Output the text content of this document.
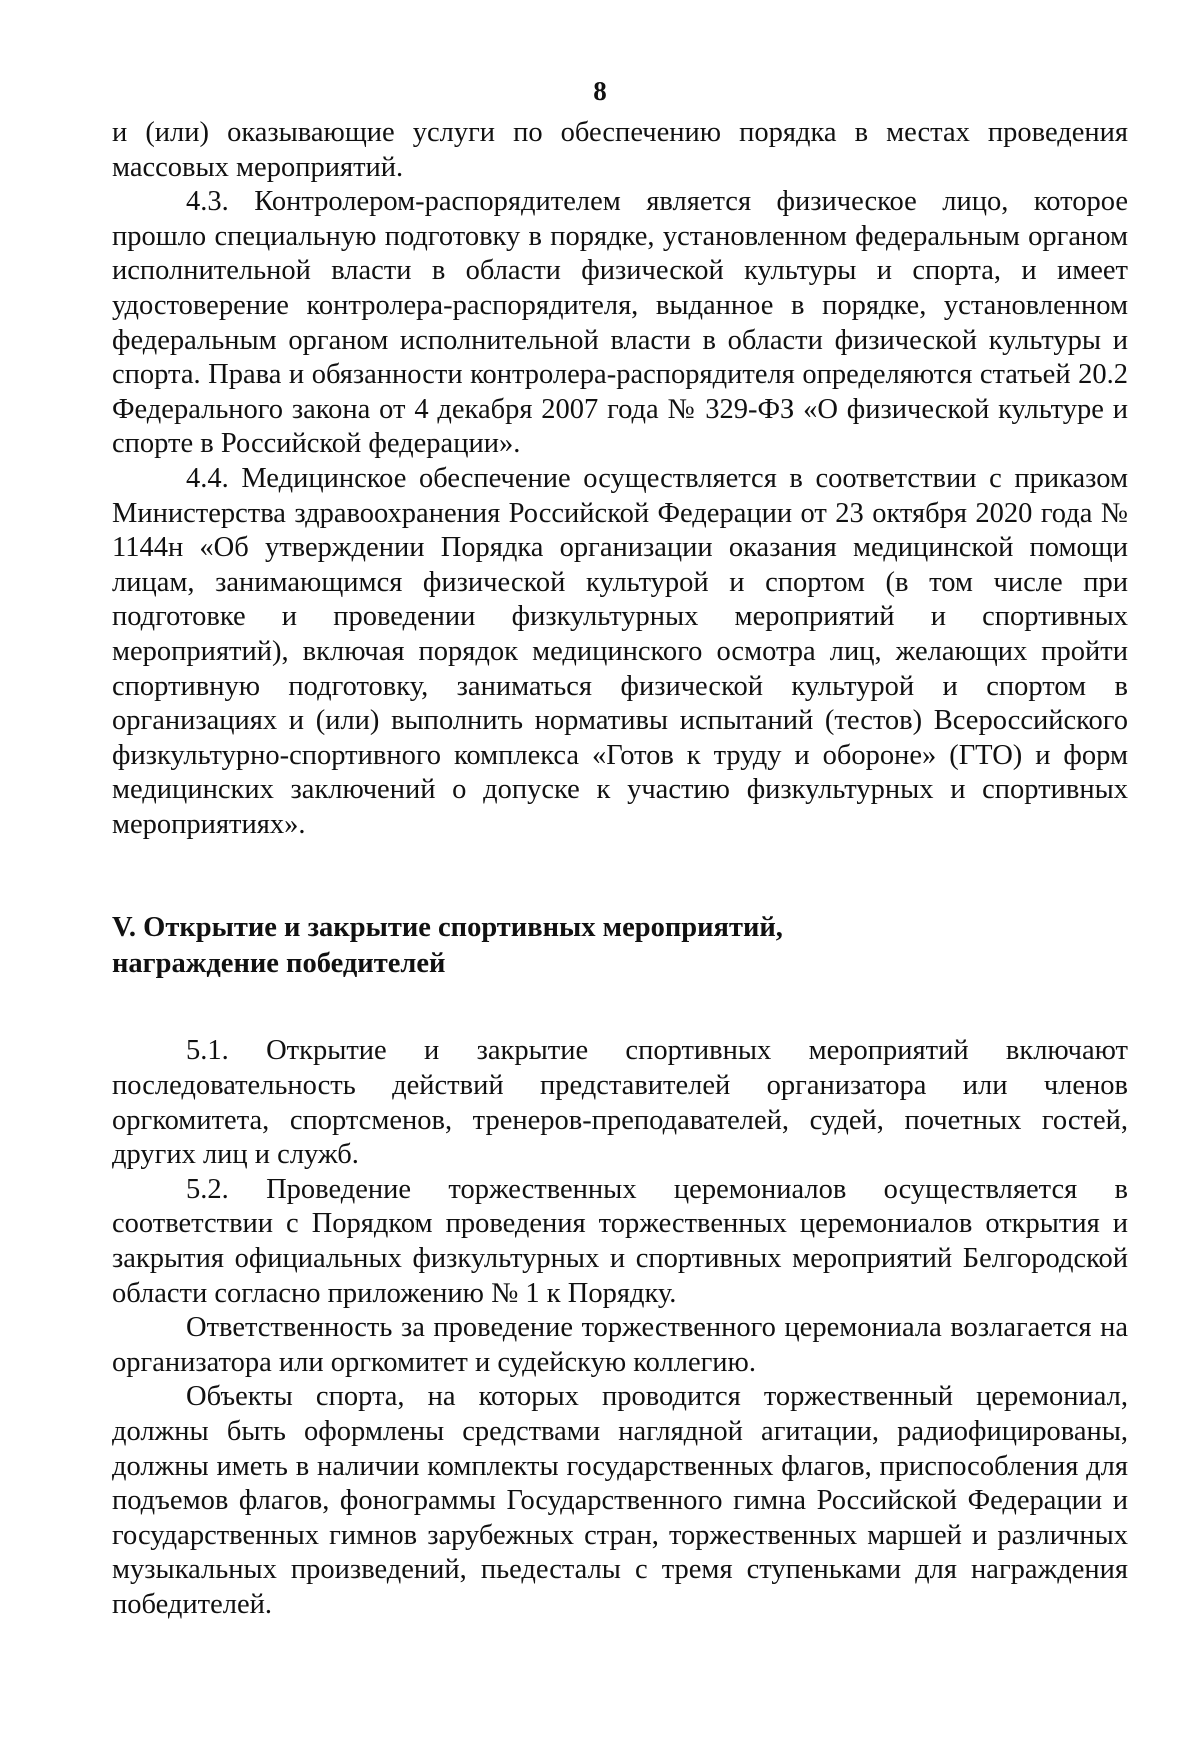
8

и (или) оказывающие услуги по обеспечению порядка в местах проведения массовых мероприятий.

4.3. Контролером-распорядителем является физическое лицо, которое прошло специальную подготовку в порядке, установленном федеральным органом исполнительной власти в области физической культуры и спорта, и имеет удостоверение контролера-распорядителя, выданное в порядке, установленном федеральным органом исполнительной власти в области физической культуры и спорта. Права и обязанности контролера-распорядителя определяются статьей 20.2 Федерального закона от 4 декабря 2007 года № 329-ФЗ «О физической культуре и спорте в Российской федерации».

4.4. Медицинское обеспечение осуществляется в соответствии с приказом Министерства здравоохранения Российской Федерации от 23 октября 2020 года № 1144н «Об утверждении Порядка организации оказания медицинской помощи лицам, занимающимся физической культурой и спортом (в том числе при подготовке и проведении физкультурных мероприятий и спортивных мероприятий), включая порядок медицинского осмотра лиц, желающих пройти спортивную подготовку, заниматься физической культурой и спортом в организациях и (или) выполнить нормативы испытаний (тестов) Всероссийского физкультурно-спортивного комплекса «Готов к труду и обороне» (ГТО) и форм медицинских заключений о допуске к участию физкультурных и спортивных мероприятиях».

V. Открытие и закрытие спортивных мероприятий,
награждение победителей

5.1. Открытие и закрытие спортивных мероприятий включают последовательность действий представителей организатора или членов оргкомитета, спортсменов, тренеров-преподавателей, судей, почетных гостей, других лиц и служб.

5.2. Проведение торжественных церемониалов осуществляется в соответствии с Порядком проведения торжественных церемониалов открытия и закрытия официальных физкультурных и спортивных мероприятий Белгородской области согласно приложению № 1 к Порядку.

Ответственность за проведение торжественного церемониала возлагается на организатора или оргкомитет и судейскую коллегию.

Объекты спорта, на которых проводится торжественный церемониал, должны быть оформлены средствами наглядной агитации, радиофицированы, должны иметь в наличии комплекты государственных флагов, приспособления для подъемов флагов, фонограммы Государственного гимна Российской Федерации и государственных гимнов зарубежных стран, торжественных маршей и различных музыкальных произведений, пьедесталы с тремя ступеньками для награждения победителей.
